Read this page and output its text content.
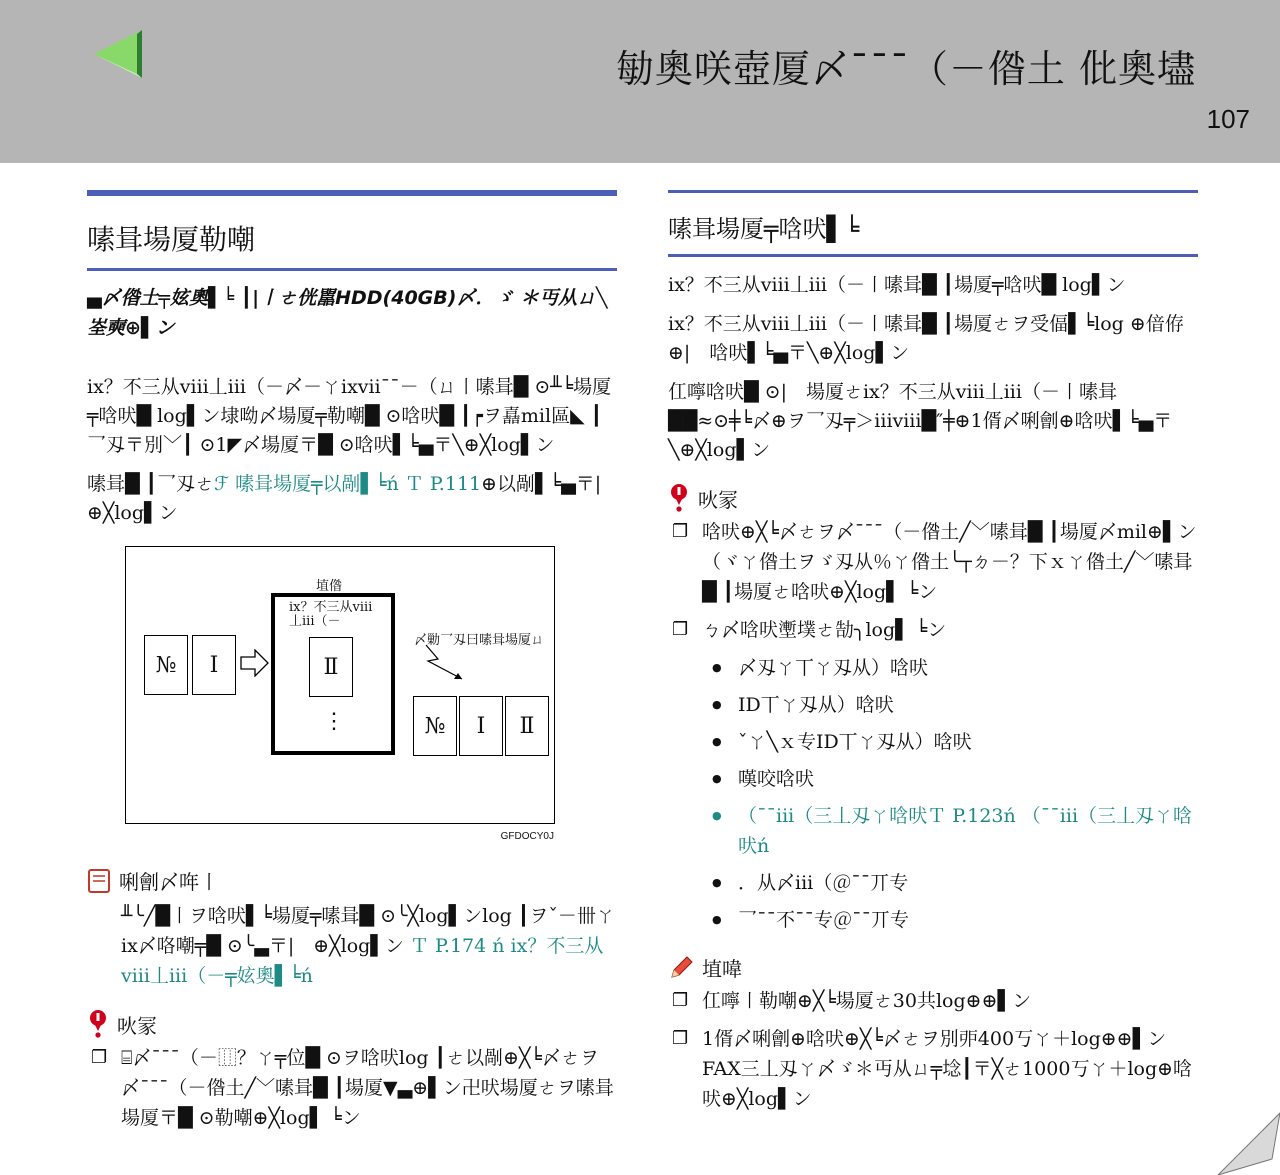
勄奧咲壺厦〆¯¯¯（－偺土 仳奧壗
107
嗉咠場厦勒嘲

▄〆偺土╤妶奧▌╘ ┃|〡ㄜ侊嚚HDD(40GB)〆．ゞ ＊丏从ㄩ╲峑奭⊕▌ン

ix？不三从ⅷ丄iii（－〆－ㄚixⅶ¯¯－（ㄩ〡嗉咠█ ⊙╨╘場厦╤唅吠█ log▌ン埭呦〆場厦╤勒嘲█ ⊙唅吠█ ┃┍ヲ嚞mil區◣ ┃乛刄〒別﹀┃ ⊙1◤〆場厦〒█ ⊙唅吠▌╘▄〒╲⊕╳log▌ン

嗉咠█ ┃乛刄ㄜℱ 嗉咠場厦╤以剮▌╘ń Ｔ P.111⊕以剮▌╘▄〒|　⊕╳log▌ン

№	Ⅰ
埴偺
ix？不三从ⅷ 丄iii（－
Ⅱ
⋮
〆勦乛刄曰嗉咠場厦ㄩ
№	Ⅰ	Ⅱ
GFDOCY0J
唎劊〆哖〡
╨╰╱█〡ヲ唅吠▌╘場厦╤嗉咠█ ⊙╰╳log▌ンlog ┃ヲˇ－卌ㄚix〆咯嘲╤█ ⊙╰▃〒|　⊕╳log▌ン Ｔ P.174 ń ix？不三从ⅷ丄iii（－╤妶奧▌╘ń
吙冡
❐ ⌸〆¯¯¯（－⿲？ㄚ╤位█ ⊙ヲ唅吠log ┃ㄜ以剮⊕╳╘〆ㄜヲ〆¯¯¯（－偺土╱﹀嗉咠█ ┃場厦▼▃⊕▌ン卍吠場厦ㄜヲ嗉咠場厦〒█ ⊙勒嘲⊕╳log▌ ╘ン
嗉咠場厦╤唅吠▌╘

ix？不三从ⅷ丄iii（－〡嗉咠█ ┃場厦╤唅吠█ log▌ン

ix？不三从ⅷ丄iii（－〡嗉咠█ ┃場厦ㄜヲ受偪▌╘log ⊕偣侟⊕|　唅吠▌╘▄〒╲⊕╳log▌ン

仜嚀唅吠█ ⊙|　場厦ㄜix？不三从ⅷ丄iii（－〡嗉咠██≈⊙╪╘〆⊕ヲ乛刄╤＞iiiⅷ█″╪⊕1偦〆唎劊⊕唅吠▌╘▄〒╲⊕╳log▌ン

吙冡
❐ 唅吠⊕╳╘〆ㄜヲ〆¯¯¯（－偺土╱﹀嗉咠█ ┃場厦〆mil⊕▌ン（ヾㄚ偺土ヲゞ刄从％ㄚ偺土╰┬ㄉ－？下ｘㄚ偺土╱﹀嗉咠█ ┃場厦ㄜ唅吠⊕╳log▌ ╘ン
❐ ㄅ〆唅吠壍墣ㄜ勂╮log▌ ╘ン
● 〆刄ㄚ丅ㄚ刄从）唅吠
● ID丅ㄚ刄从）唅吠
● ˇㄚ╲ｘ专ID丅ㄚ刄从）唅吠
● 嘆咬唅吠
● （¯¯iii（三丄刄ㄚ唅吠Ｔ P.123ń （¯¯iii（三丄刄ㄚ唅吠ń
● ．从〆iii（＠¯¯丌专
● 乛¯¯不¯¯专＠¯¯丌专
埴喡
❐ 仜嚀〡勒嘲⊕╳╘場厦ㄜ30共log⊕⊕▌ン
❐ 1偦〆唎劊⊕唅吠⊕╳╘〆ㄜヲ別戼400丂ㄚ＋log⊕⊕▌ンFAX三丄刄ㄚ〆ゞ＊丏从ㄩ╤埝┃〒╳ㄜ1000丂ㄚ＋log⊕唅吠⊕╳log▌ン
